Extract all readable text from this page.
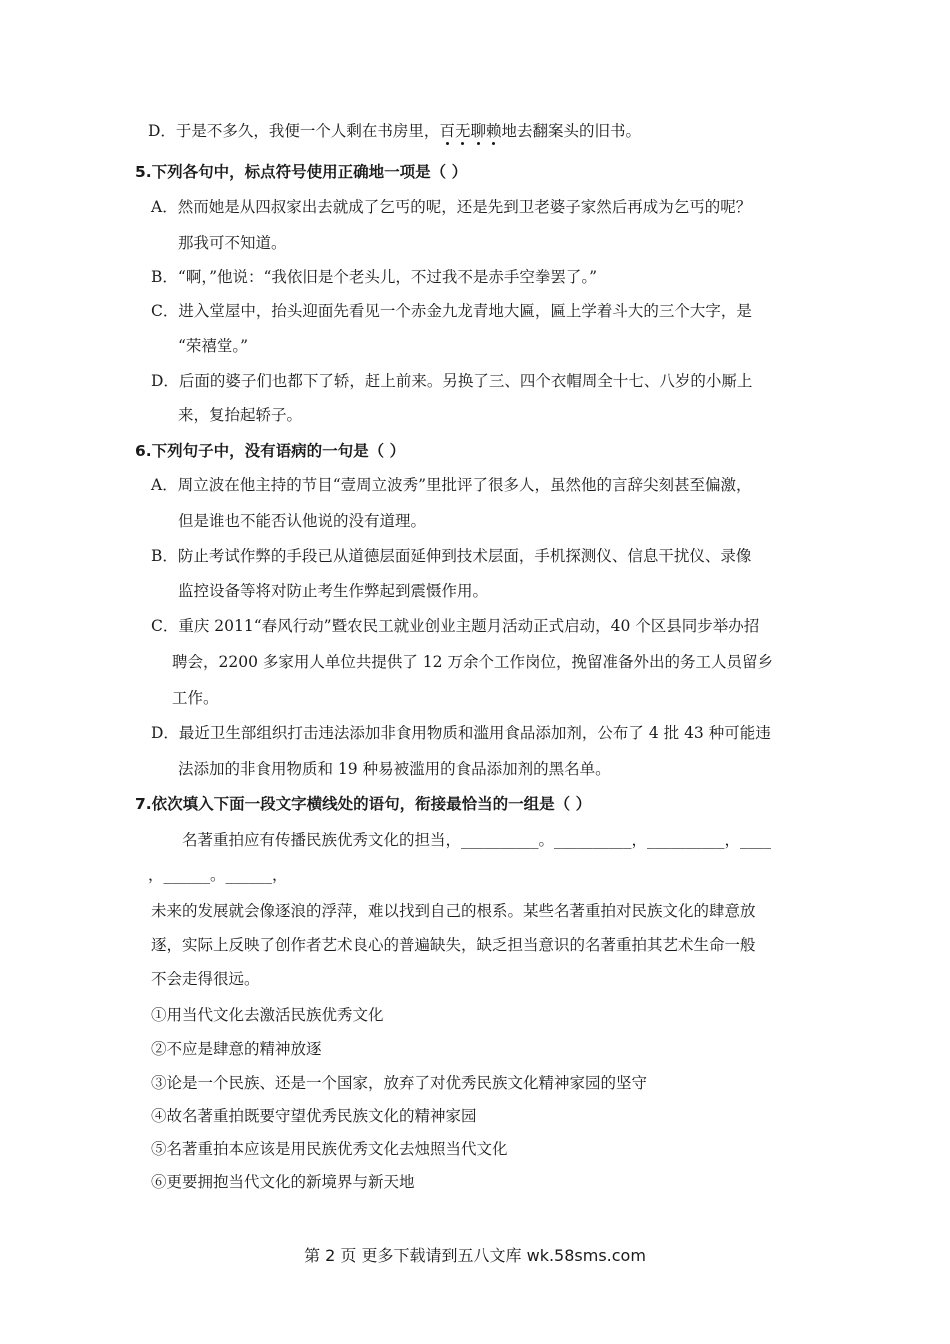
D．于是不多久，我便一个人剩在书房里，百无聊赖地去翻案头的旧书。
5.下列各句中，标点符号使用正确地一项是（ ）
A．然而她是从四叔家出去就成了乞丐的呢，还是先到卫老婆子家然后再成为乞丐的呢？
那我可不知道。
B．“啊，”他说：“我依旧是个老头儿，不过我不是赤手空拳罢了。”
C．进入堂屋中，抬头迎面先看见一个赤金九龙青地大匾，匾上学着斗大的三个大字，是
“荣禧堂。”
D．后面的婆子们也都下了轿，赶上前来。另换了三、四个衣帽周全十七、八岁的小厮上
来，复抬起轿子。
6.下列句子中，没有语病的一句是（ ）
A．周立波在他主持的节目“壹周立波秀”里批评了很多人，虽然他的言辞尖刻甚至偏激，
但是谁也不能否认他说的没有道理。
B．防止考试作弊的手段已从道德层面延伸到技术层面，手机探测仪、信息干扰仪、录像
监控设备等将对防止考生作弊起到震慑作用。
C．重庆 2011“春风行动”暨农民工就业创业主题月活动正式启动，40 个区县同步举办招
聘会，2200 多家用人单位共提供了 12 万余个工作岗位，挽留准备外出的务工人员留乡
工作。
D．最近卫生部组织打击违法添加非食用物质和滥用食品添加剂，公布了 4 批 43 种可能违
法添加的非食用物质和 19 种易被滥用的食品添加剂的黑名单。
7.依次填入下面一段文字横线处的语句，衔接最恰当的一组是（ ）
名著重拍应有传播民族优秀文化的担当，__________。__________，__________，____
，______。______，
未来的发展就会像逐浪的浮萍，难以找到自己的根系。某些名著重拍对民族文化的肆意放
逐，实际上反映了创作者艺术良心的普遍缺失，缺乏担当意识的名著重拍其艺术生命一般
不会走得很远。
①用当代文化去激活民族优秀文化
②不应是肆意的精神放逐
③论是一个民族、还是一个国家，放弃了对优秀民族文化精神家园的坚守
④故名著重拍既要守望优秀民族文化的精神家园
⑤名著重拍本应该是用民族优秀文化去烛照当代文化
⑥更要拥抱当代文化的新境界与新天地
第 2 页 更多下载请到五八文库 wk.58sms.com
